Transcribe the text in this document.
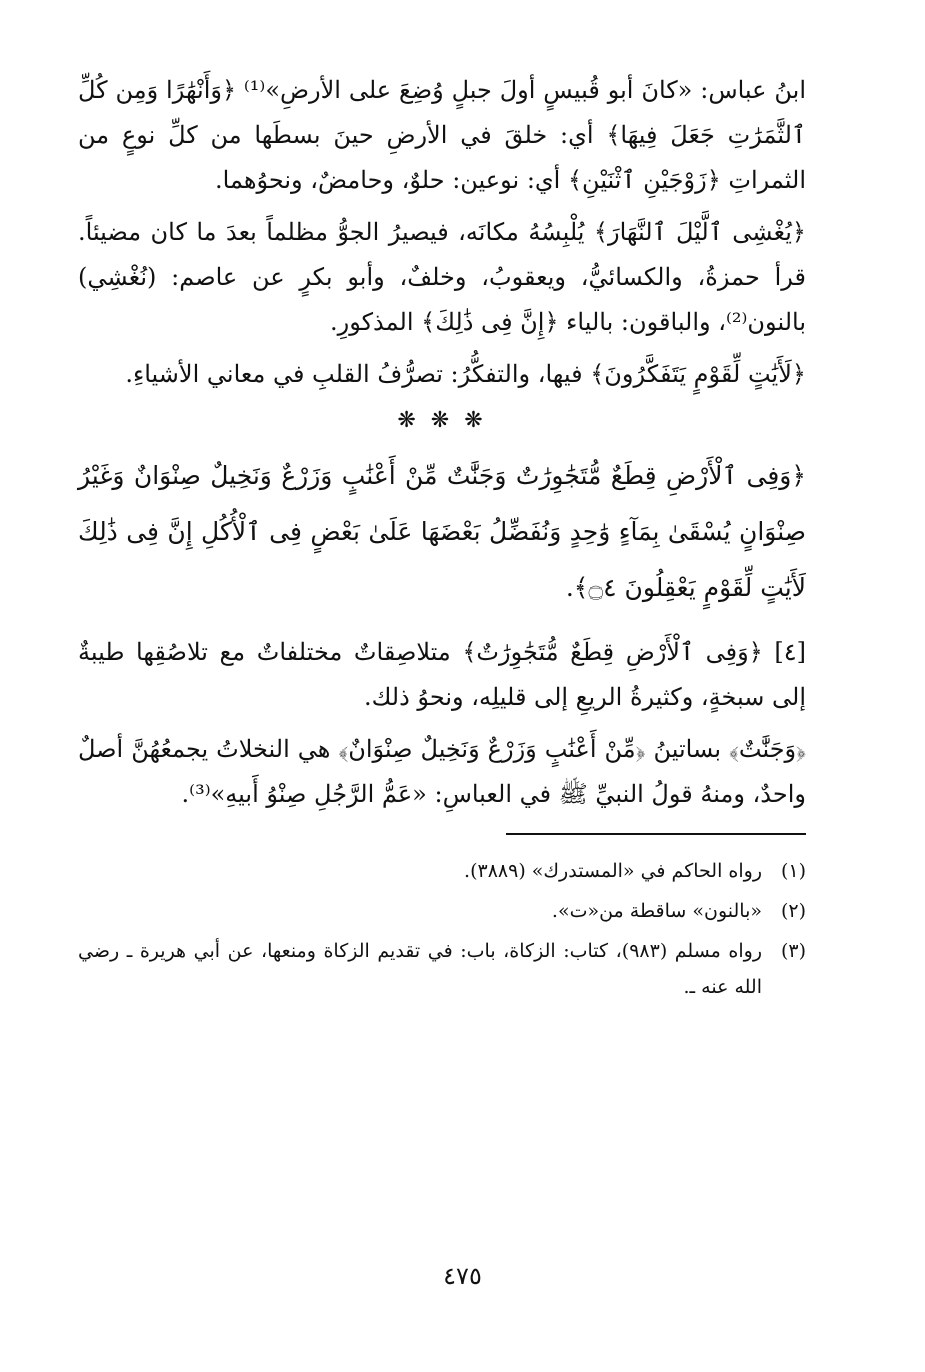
ابنُ عباس: «كانَ أبو قُبيسٍ أولَ جبلٍ وُضِعَ على الأرضِ»⁽¹⁾ ﴿وَأَنْهَٰرًا وَمِن كُلِّ ٱلثَّمَرَٰتِ جَعَلَ فِيهَا﴾ أي: خلقَ في الأرضِ حينَ بسطَها من كلِّ نوعٍ من الثمراتِ ﴿زَوْجَيْنِ ٱثْنَيْنِ﴾ أي: نوعين: حلوٌ، وحامضٌ، ونحوُهما.

﴿يُغْشِى ٱلَّيْلَ ٱلنَّهَارَ﴾ يُلْبِسُهُ مكانَه، فيصيرُ الجوُّ مظلماً بعدَ ما كان مضيئاً. قرأ حمزةُ، والكسائيُّ، ويعقوبُ، وخلفٌ، وأبو بكرٍ عن عاصم: (نُغْشِي) بالنون⁽²⁾، والباقون: بالياء ﴿إِنَّ فِى ذَٰلِكَ﴾ المذكورِ.

﴿لَأَيَٰتٍ لِّقَوْمٍ يَتَفَكَّرُونَ﴾ فيها، والتفكُّرُ: تصرُّفُ القلبِ في معاني الأشياءِ.

❋ ❋ ❋

﴿وَفِى ٱلْأَرْضِ قِطَعٌ مُّتَجَٰوِرَٰتٌ وَجَنَّٰتٌ مِّنْ أَعْنَٰبٍ وَزَرْعٌ وَنَخِيلٌ صِنْوَانٌ وَغَيْرُ صِنْوَانٍ يُسْقَىٰ بِمَآءٍ وَٰحِدٍ وَنُفَضِّلُ بَعْضَهَا عَلَىٰ بَعْضٍ فِى ٱلْأُكُلِ إِنَّ فِى ذَٰلِكَ لَأَيَٰتٍ لِّقَوْمٍ يَعْقِلُونَ ۝٤﴾.

[٤] ﴿وَفِى ٱلْأَرْضِ قِطَعٌ مُّتَجَٰوِرَٰتٌ﴾ متلاصِقاتٌ مختلفاتٌ مع تلاصُقِها طيبةٌ إلى سبخةٍ، وكثيرةُ الريعِ إلى قليلِه، ونحوُ ذلك.

﴿وَجَنَّٰتٌ﴾ بساتينُ ﴿مِّنْ أَعْنَٰبٍ وَزَرْعٌ وَنَخِيلٌ صِنْوَانٌ﴾ هي النخلاتُ يجمعُهُنَّ أصلٌ واحدٌ، ومنهُ قولُ النبيِّ ﷺ في العباسِ: «عَمُّ الرَّجُلِ صِنْوُ أَبيهِ»⁽³⁾.

(١)
رواه الحاكم في «المستدرك» (٣٨٨٩).
(٢)
«بالنون» ساقطة من«ت».
(٣)
رواه مسلم (٩٨٣)، كتاب: الزكاة، باب: في تقديم الزكاة ومنعها، عن أبي هريرة ـ رضي الله عنه ـ.
٤٧٥
